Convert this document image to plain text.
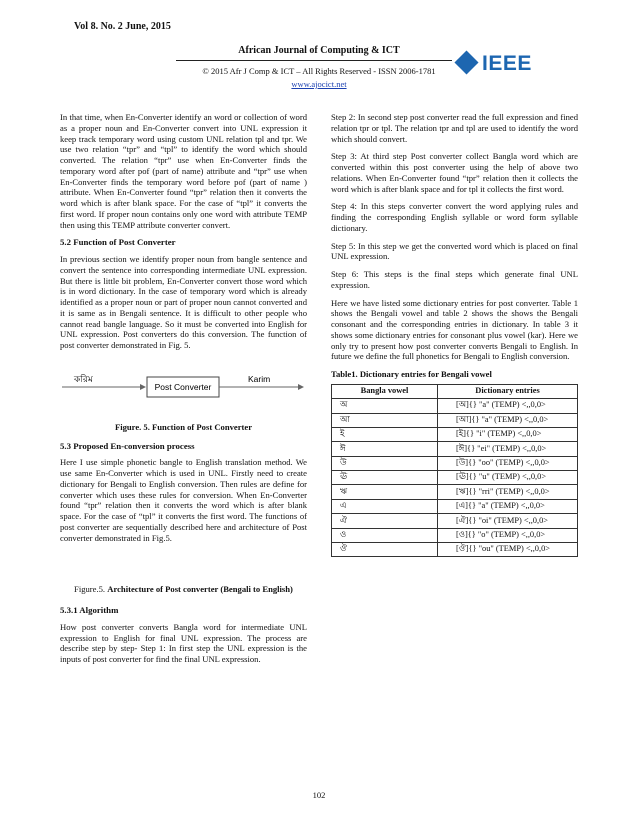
Vol 8. No. 2 June, 2015
African Journal of Computing & ICT
© 2015 Afr J Comp & ICT – All Rights Reserved - ISSN 2006-1781
www.ajocict.net
IEEE

In that time, when En-Converter identify an word or collection of word as a proper noun and En-Converter convert into UNL expression it keep track temporary word using custom UNL relation tpl and tpr. We use two relation “tpr” and “tpl” to identify the word which should converted. The relation “tpr” use when En-Converter finds the temporary word after pof (part of name) attribute and “tpr” use when En-Converter finds the temporary word before pof (part of name ) attribute. When En-Converter found “tpr” relation then it converts the word which is after blank space. For the case of “tpl” it converts the first word. If proper noun contains only one word with attribute TEMP then using this TEMP attribute converter convert.

5.2 Function of Post Converter

In previous section we identify proper noun from bangle sentence and convert the sentence into corresponding intermediate UNL expression. But there is little bit problem, En-Converter convert those word which is in word dictionary. In the case of temporary word which is already identified as a proper noun or part of proper noun cannot converted and it is same as in Bengali sentence. It is difficult to other people who cannot read bangle language. So it must be converted into English for UNL expression. Post converters do this conversion. The function of post converter demonstrated in Fig. 5.

করিম
Post Converter
Karim
Figure. 5. Function of Post Converter
5.3 Proposed En-conversion process

Here I use simple phonetic bangle to English translation method. We use same En-Converter which is used in UNL. Firstly need to create dictionary for Bengali to English conversion. Then rules are define for converter which uses these rules for conversion. When En-Converter found “tpr” relation then it converts the word which is after blank space. For the case of “tpl” it converts the first word. The functions of post converter are sequentially described here and architecture of Post converter demonstrated in Fig.5.

Figure.5. Architecture of Post converter (Bengali to English)
5.3.1 Algorithm

How post converter converts Bangla word for intermediate UNL expression to English for final UNL expression. The process are describe step by step- Step 1: In first step the UNL expression is the inputs of post converter for find the final UNL expression.

Step 2: In second step post converter read the full expression and fined relation tpr or tpl. The relation tpr and tpl are used to identify the word which should convert.

Step 3: At third step Post converter collect Bangla word which are converted within this post converter using the help of above two relations. When En-Converter found “tpr” relation then it collects the word which is after blank space and for tpl it collects the first word.

Step 4: In this steps converter convert the word applying rules and finding the corresponding English syllable or word form syllable dictionary.

Step 5: In this step we get the converted word which is placed on final UNL expression.

Step 6: This steps is the final steps which generate final UNL expression.

Here we have listed some dictionary entries for post converter. Table 1 shows the Bengali vowel and table 2 shows the shows the Bengali consonant and the corresponding entries in dictionary. In table 3 it shows some dictionary entries for consonant plus vowel (kar). Here we only try to present how post converter converts Bengali to English. In future we define the full phonetics for Bengali to English conversion.

Table1. Dictionary entries for Bengali vowel
Bangla vowel	Dictionary entries
অ	[অ]{} "a" (TEMP) <,,0,0>
আ	[আ]{} "a" (TEMP) <,,0,0>
ই	[ই]{} "i" (TEMP) <,,0,0>
ঈ	[ঈ]{} "ei" (TEMP) <,,0,0>
উ	[উ]{} "oo" (TEMP) <,,0,0>
ঊ	[ঊ]{} "u" (TEMP) <,,0,0>
ঋ	[ঋ]{} "rri" (TEMP) <,,0,0>
এ	[এ]{} "a" (TEMP) <,,0,0>
ঐ	[ঐ]{} "oi" (TEMP) <,,0,0>
ও	[ও]{} "o" (TEMP) <,,0,0>
ঔ	[ঔ]{} "ou" (TEMP) <,,0,0>
102
